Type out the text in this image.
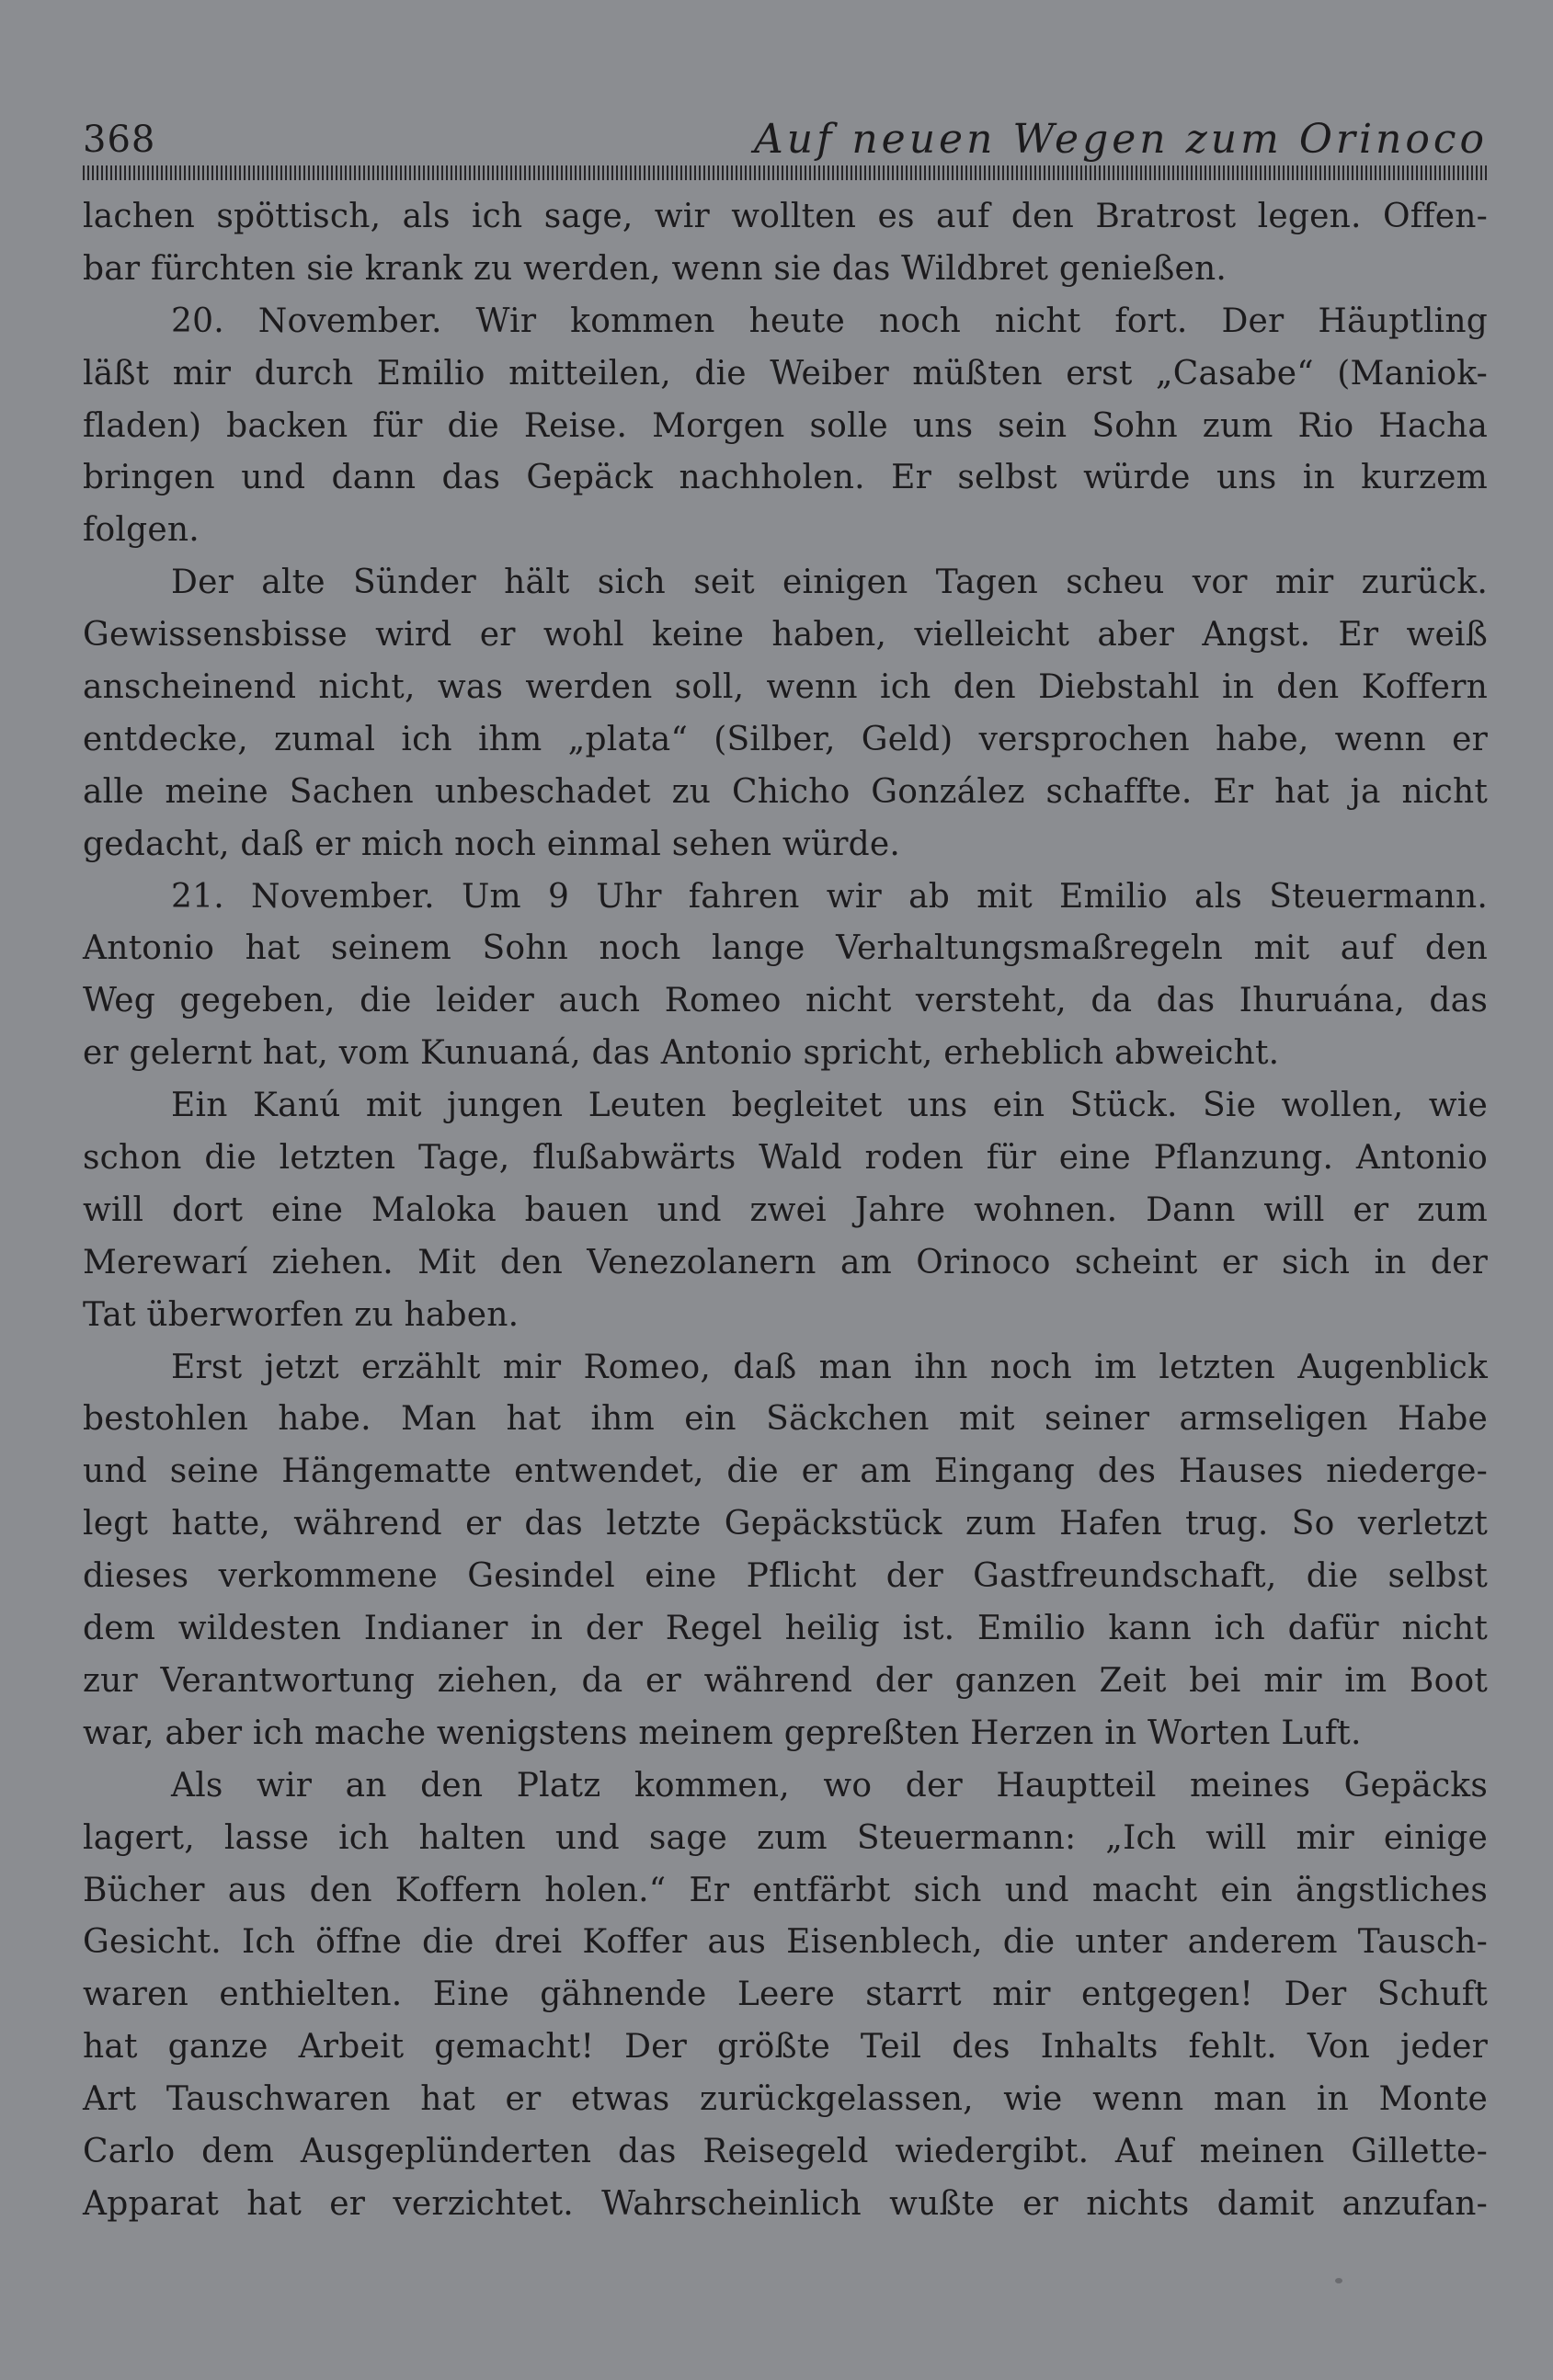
368	Auf neuen Wegen zum Orinoco
lachen spöttisch, als ich sage, wir wollten es auf den Bratrost legen. Offen-
bar fürchten sie krank zu werden, wenn sie das Wildbret genießen.
20. November. Wir kommen heute noch nicht fort. Der Häuptling
läßt mir durch Emilio mitteilen, die Weiber müßten erst „Casabe“ (Maniok-
fladen) backen für die Reise. Morgen solle uns sein Sohn zum Rio Hacha
bringen und dann das Gepäck nachholen. Er selbst würde uns in kurzem
folgen.
Der alte Sünder hält sich seit einigen Tagen scheu vor mir zurück.
Gewissensbisse wird er wohl keine haben, vielleicht aber Angst. Er weiß
anscheinend nicht, was werden soll, wenn ich den Diebstahl in den Koffern
entdecke, zumal ich ihm „plata“ (Silber, Geld) versprochen habe, wenn er
alle meine Sachen unbeschadet zu Chicho González schaffte. Er hat ja nicht
gedacht, daß er mich noch einmal sehen würde.
21. November. Um 9 Uhr fahren wir ab mit Emilio als Steuermann.
Antonio hat seinem Sohn noch lange Verhaltungsmaßregeln mit auf den
Weg gegeben, die leider auch Romeo nicht versteht, da das Ihuruána, das
er gelernt hat, vom Kunuaná, das Antonio spricht, erheblich abweicht.
Ein Kanú mit jungen Leuten begleitet uns ein Stück. Sie wollen, wie
schon die letzten Tage, flußabwärts Wald roden für eine Pflanzung. Antonio
will dort eine Maloka bauen und zwei Jahre wohnen. Dann will er zum
Merewarí ziehen. Mit den Venezolanern am Orinoco scheint er sich in der
Tat überworfen zu haben.
Erst jetzt erzählt mir Romeo, daß man ihn noch im letzten Augenblick
bestohlen habe. Man hat ihm ein Säckchen mit seiner armseligen Habe
und seine Hängematte entwendet, die er am Eingang des Hauses niederge-
legt hatte, während er das letzte Gepäckstück zum Hafen trug. So verletzt
dieses verkommene Gesindel eine Pflicht der Gastfreundschaft, die selbst
dem wildesten Indianer in der Regel heilig ist. Emilio kann ich dafür nicht
zur Verantwortung ziehen, da er während der ganzen Zeit bei mir im Boot
war, aber ich mache wenigstens meinem gepreßten Herzen in Worten Luft.
Als wir an den Platz kommen, wo der Hauptteil meines Gepäcks
lagert, lasse ich halten und sage zum Steuermann: „Ich will mir einige
Bücher aus den Koffern holen.“ Er entfärbt sich und macht ein ängstliches
Gesicht. Ich öffne die drei Koffer aus Eisenblech, die unter anderem Tausch-
waren enthielten. Eine gähnende Leere starrt mir entgegen! Der Schuft
hat ganze Arbeit gemacht! Der größte Teil des Inhalts fehlt. Von jeder
Art Tauschwaren hat er etwas zurückgelassen, wie wenn man in Monte
Carlo dem Ausgeplünderten das Reisegeld wiedergibt. Auf meinen Gillette-
Apparat hat er verzichtet. Wahrscheinlich wußte er nichts damit anzufan-
